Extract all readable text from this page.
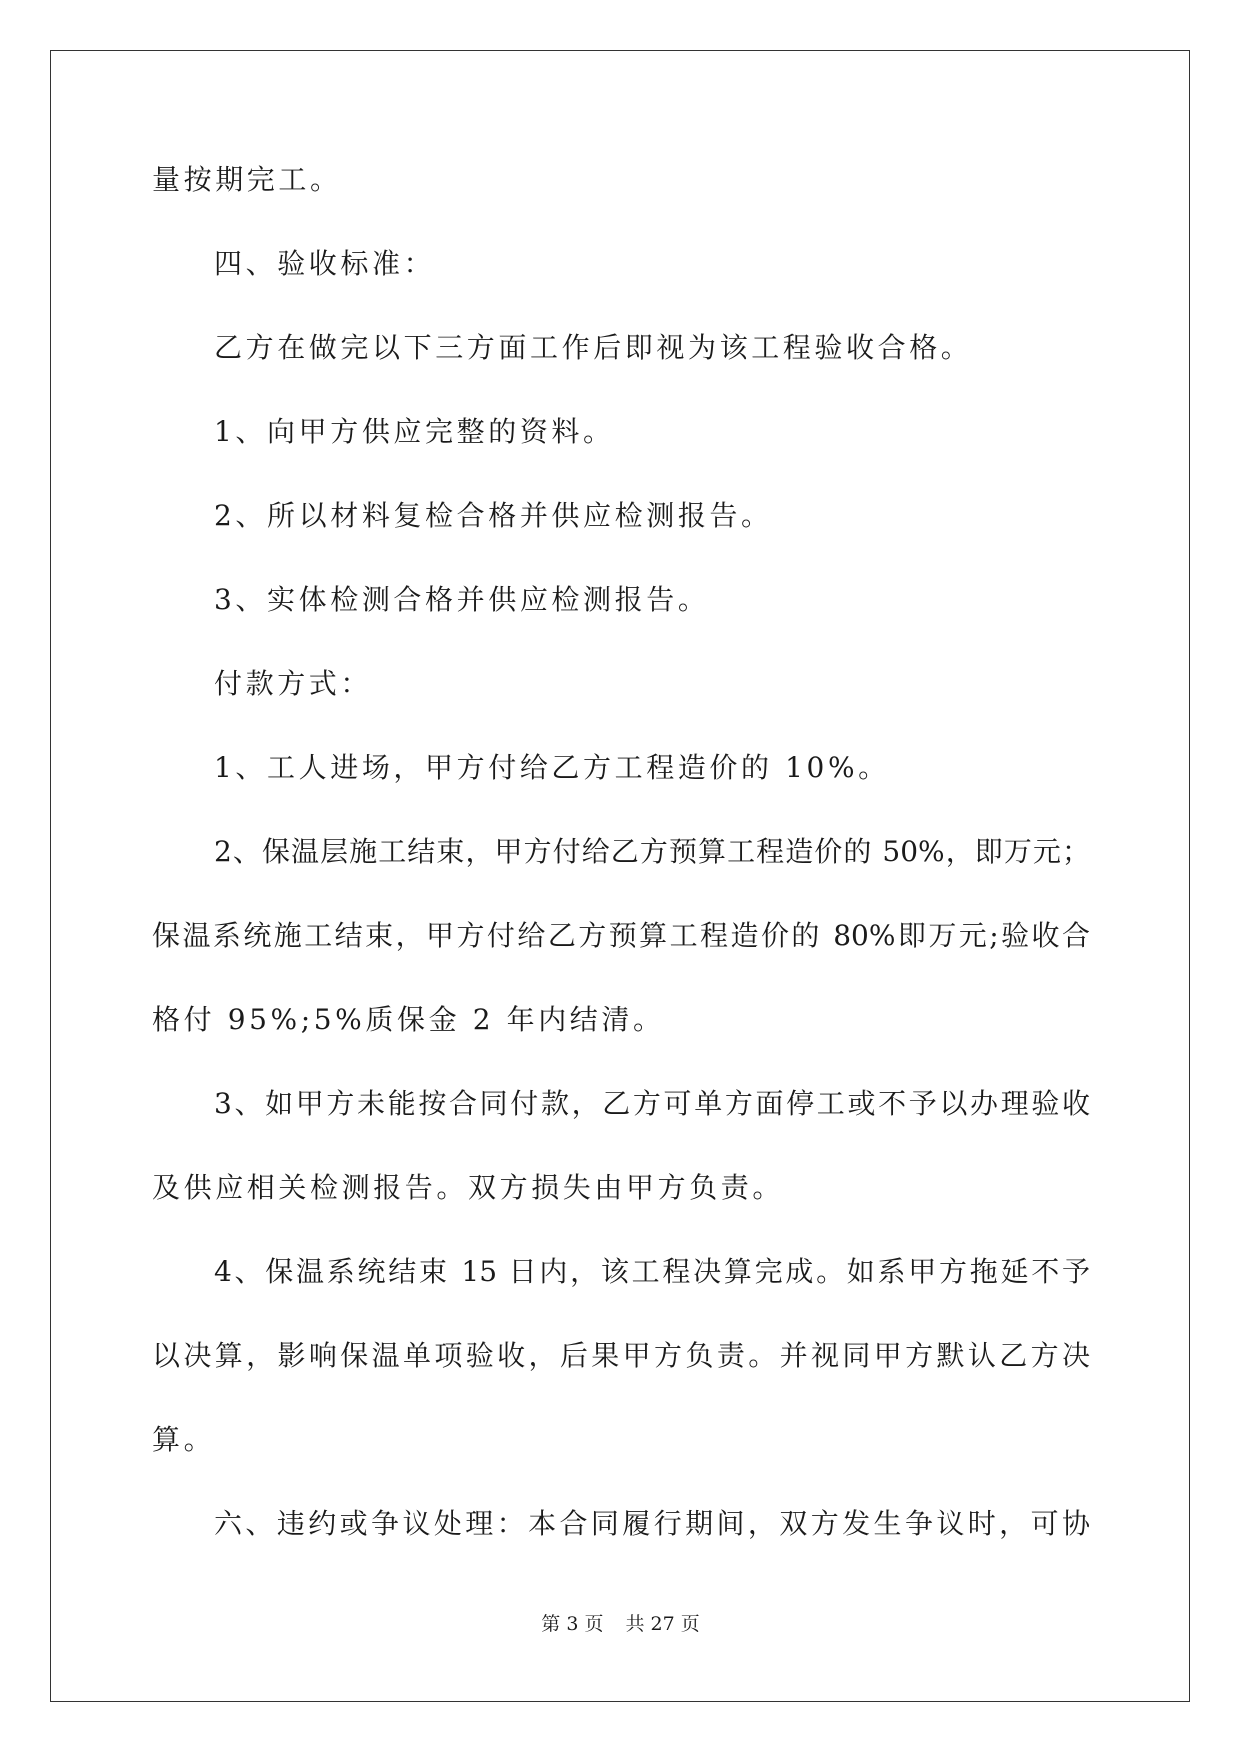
量按期完工。
四、验收标准：
乙方在做完以下三方面工作后即视为该工程验收合格。
1、向甲方供应完整的资料。
2、所以材料复检合格并供应检测报告。
3、实体检测合格并供应检测报告。
付款方式：
1、工人进场，甲方付给乙方工程造价的 10%。
2、保温层施工结束，甲方付给乙方预算工程造价的 50%，即万元；
保温系统施工结束，甲方付给乙方预算工程造价的 80%即万元;验收合
格付 95%;5%质保金 2 年内结清。
3、如甲方未能按合同付款，乙方可单方面停工或不予以办理验收
及供应相关检测报告。双方损失由甲方负责。
4、保温系统结束 15 日内，该工程决算完成。如系甲方拖延不予
以决算，影响保温单项验收，后果甲方负责。并视同甲方默认乙方决
算。
六、违约或争议处理：本合同履行期间，双方发生争议时，可协
第 3 页 共 27 页
